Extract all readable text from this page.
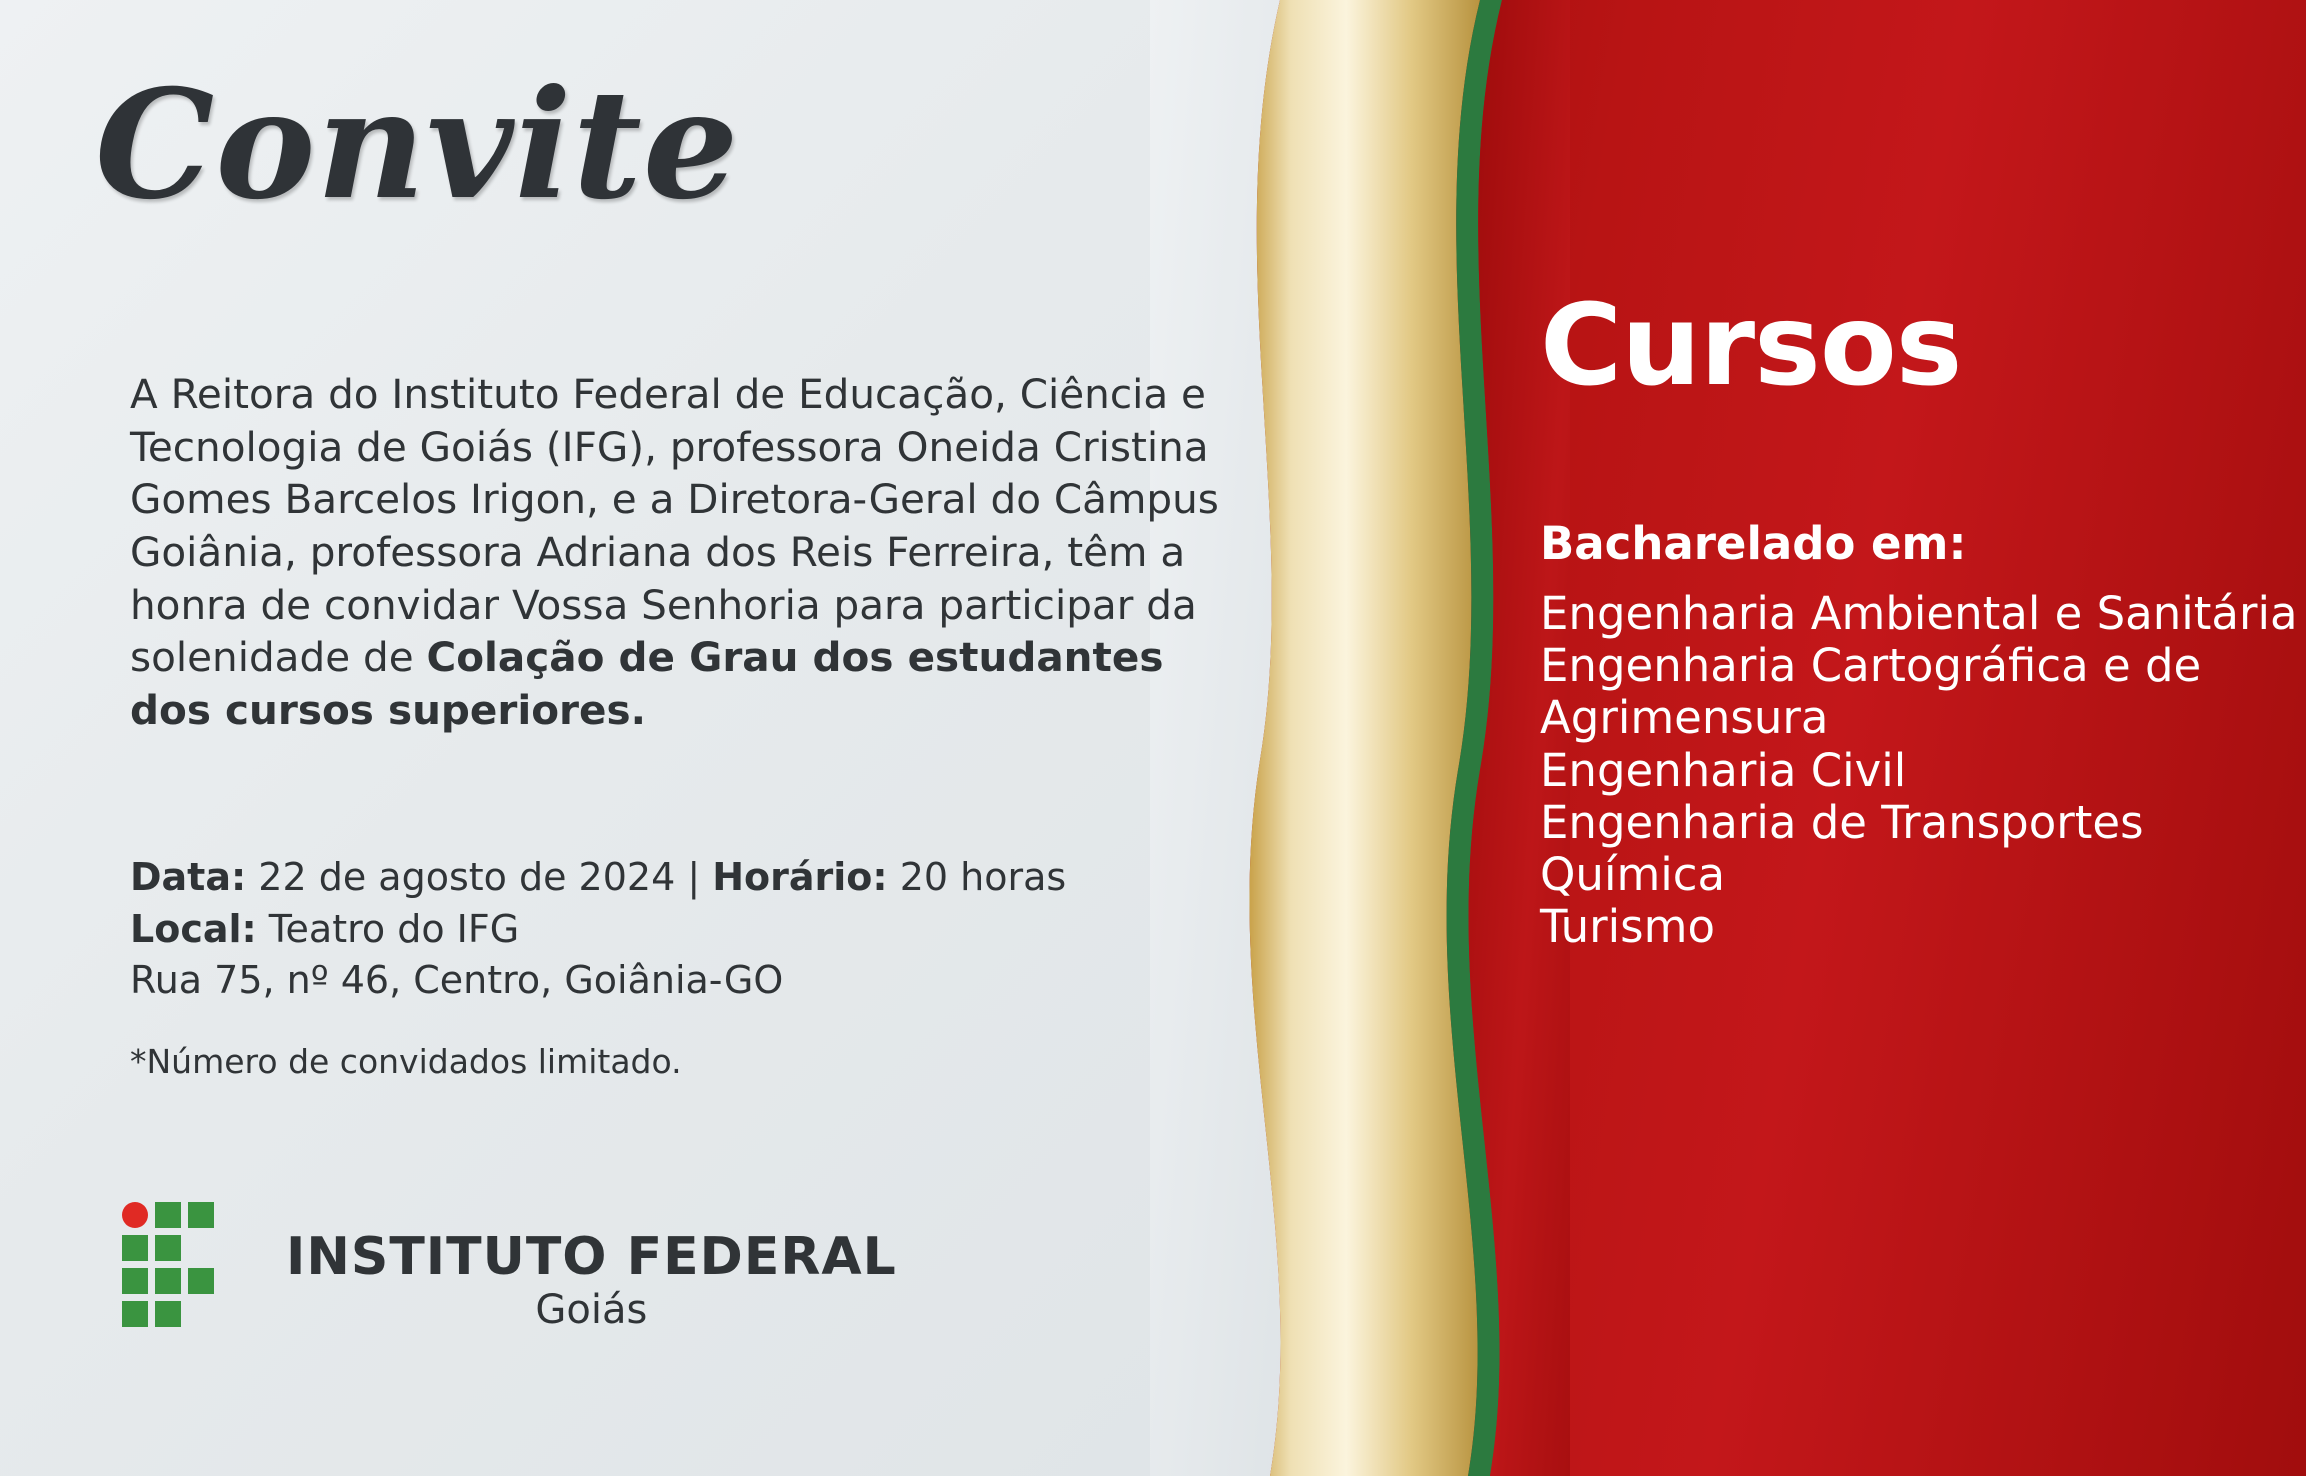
Convite
A Reitora do Instituto Federal de Educação, Ciência e Tecnologia de Goiás (IFG), professora Oneida Cristina Gomes Barcelos Irigon, e a Diretora-Geral do Câmpus Goiânia, professora Adriana dos Reis Ferreira, têm a honra de convidar Vossa Senhoria para participar da solenidade de Colação de Grau dos estudantes dos cursos superiores.
Data: 22 de agosto de 2024 | Horário: 20 horas
Local: Teatro do IFG
Rua 75, nº 46, Centro, Goiânia-GO
*Número de convidados limitado.
INSTITUTO FEDERAL
Goiás
Cursos
Bacharelado em:
Engenharia Ambiental e Sanitária
Engenharia Cartográfica e de Agrimensura
Engenharia Civil
Engenharia de Transportes
Química
Turismo
